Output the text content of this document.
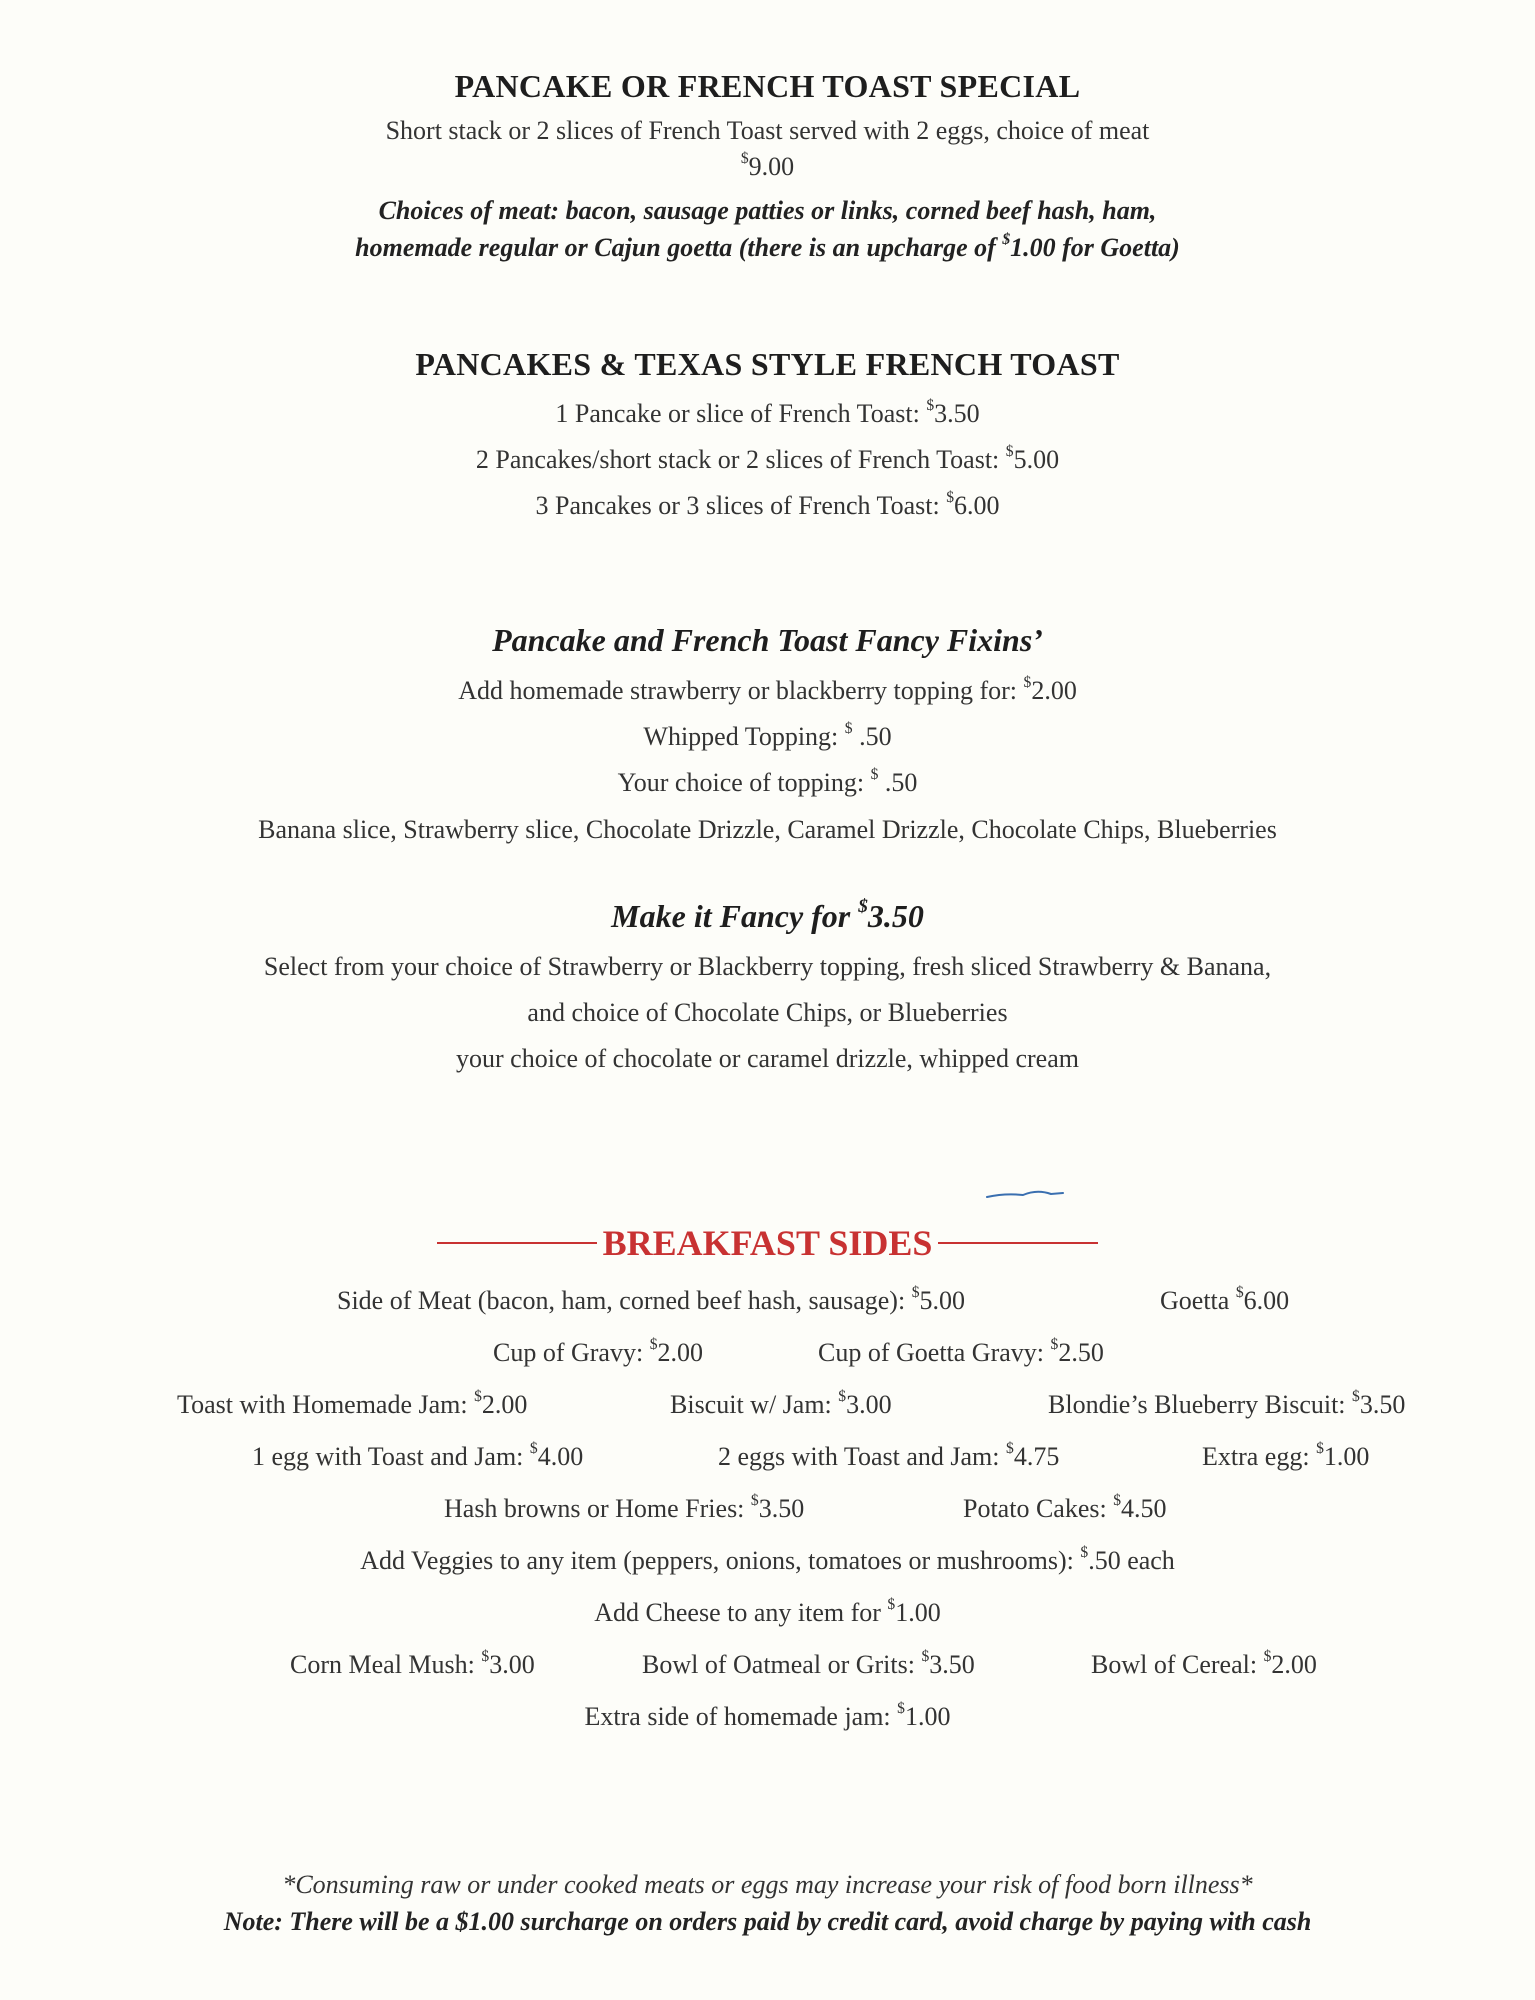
PANCAKE OR FRENCH TOAST SPECIAL
Short stack or 2 slices of French Toast served with 2 eggs, choice of meat
$9.00
Choices of meat: bacon, sausage patties or links, corned beef hash, ham,
homemade regular or Cajun goetta (there is an upcharge of $1.00 for Goetta)
PANCAKES & TEXAS STYLE FRENCH TOAST
1 Pancake or slice of French Toast: $3.50
2 Pancakes/short stack or 2 slices of French Toast: $5.00
3 Pancakes or 3 slices of French Toast: $6.00
Pancake and French Toast Fancy Fixins’
Add homemade strawberry or blackberry topping for: $2.00
Whipped Topping: $ .50
Your choice of topping: $ .50
Banana slice, Strawberry slice, Chocolate Drizzle, Caramel Drizzle, Chocolate Chips, Blueberries
Make it Fancy for $3.50
Select from your choice of Strawberry or Blackberry topping, fresh sliced Strawberry & Banana,
and choice of Chocolate Chips, or Blueberries
your choice of chocolate or caramel drizzle, whipped cream
BREAKFAST SIDES
Side of Meat (bacon, ham, corned beef hash, sausage): $5.00	Goetta $6.00
Cup of Gravy: $2.00	Cup of Goetta Gravy: $2.50
Toast with Homemade Jam: $2.00	Biscuit w/ Jam: $3.00	Blondie’s Blueberry Biscuit: $3.50
1 egg with Toast and Jam: $4.00	2 eggs with Toast and Jam: $4.75	Extra egg: $1.00
Hash browns or Home Fries: $3.50	Potato Cakes: $4.50
Add Veggies to any item (peppers, onions, tomatoes or mushrooms): $.50 each
Add Cheese to any item for $1.00
Corn Meal Mush: $3.00	Bowl of Oatmeal or Grits: $3.50	Bowl of Cereal: $2.00
Extra side of homemade jam: $1.00
*Consuming raw or under cooked meats or eggs may increase your risk of food born illness*
Note: There will be a $1.00 surcharge on orders paid by credit card, avoid charge by paying with cash
